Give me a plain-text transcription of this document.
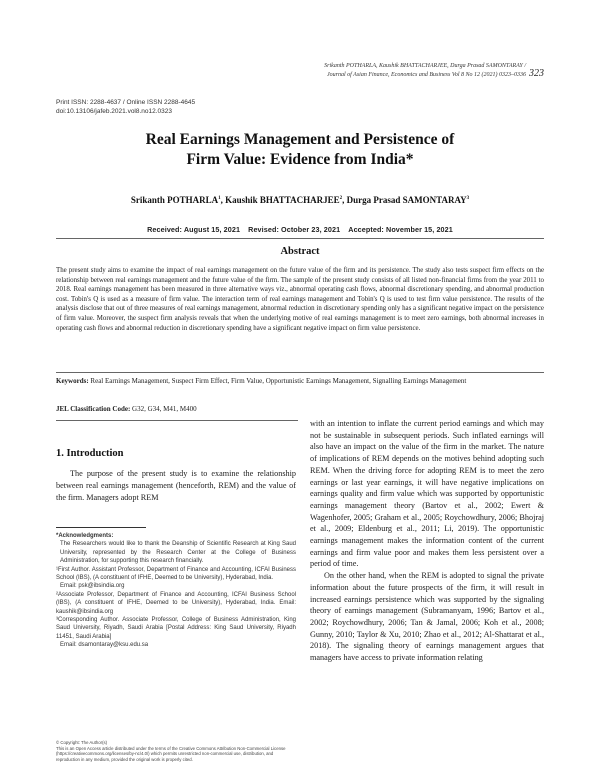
Srikanth POTHARLA, Kaushik BHATTACHARJEE, Durga Prasad SAMONTARAY /
Journal of Asian Finance, Economics and Business Vol 8 No 12 (2021) 0323–0336 323
Print ISSN: 2288-4637 / Online ISSN 2288-4645
doi:10.13106/jafeb.2021.vol8.no12.0323
Real Earnings Management and Persistence of
Firm Value: Evidence from India*
Srikanth POTHARLA$^1$, Kaushik BHATTACHARJEE$^2$, Durga Prasad SAMONTARAY$^3$
Received: August 15, 2021 Revised: October 23, 2021 Accepted: November 15, 2021
Abstract
The present study aims to examine the impact of real earnings management on the future value of the firm and its persistence. The study also tests suspect firm effects on the relationship between real earnings management and the future value of the firm. The sample of the present study consists of all listed non-financial firms from the year 2011 to 2018. Real earnings management has been measured in three alternative ways viz., abnormal operating cash flows, abnormal discretionary spending, and abnormal production cost. Tobin's Q is used as a measure of firm value. The interaction term of real earnings management and Tobin's Q is used to test firm value persistence. The results of the analysis disclose that out of three measures of real earnings management, abnormal reduction in discretionary spending only has a significant negative impact on the persistence of firm value. Moreover, the suspect firm analysis reveals that when the underlying motive of real earnings management is to meet zero earnings, both abnormal increases in operating cash flows and abnormal reduction in discretionary spending have a significant negative impact on firm value persistence.
Keywords: Real Earnings Management, Suspect Firm Effect, Firm Value, Opportunistic Earnings Management, Signalling Earnings Management
JEL Classification Code: G32, G34, M41, M400
1. Introduction

The purpose of the present study is to examine the relationship between real earnings management (henceforth, REM) and the value of the firm. Managers adopt REM

*Acknowledgments:

The Researchers would like to thank the Deanship of Scientific Research at King Saud University, represented by the Research Center at the College of Business Administration, for supporting this research financially.

¹First Author. Assistant Professor, Department of Finance and Accounting, ICFAI Business School (IBS), (A constituent of IFHE, Deemed to be University), Hyderabad, India.

Email: psk@ibsindia.org

²Associate Professor, Department of Finance and Accounting, ICFAI Business School (IBS), (A constituent of IFHE, Deemed to be University), Hyderabad, India. Email: kaushik@ibsindia.org

³Corresponding Author. Associate Professor, College of Business Administration, King Saud University, Riyadh, Saudi Arabia [Postal Address: King Saud University, Riyadh 11451, Saudi Arabia]

Email: dsamontaray@ksu.edu.sa

© Copyright: The Author(s)

This is an Open Access article distributed under the terms of the Creative Commons Attribution Non-Commercial License (https://creativecommons.org/licenses/by-nc/4.0/) which permits unrestricted non-commercial use, distribution, and reproduction in any medium, provided the original work is properly cited.

with an intention to inflate the current period earnings and which may not be sustainable in subsequent periods. Such inflated earnings will also have an impact on the value of the firm in the market. The nature of implications of REM depends on the motives behind adopting such REM. When the driving force for adopting REM is to meet the zero earnings or last year earnings, it will have negative implications on earnings quality and firm value which was supported by opportunistic earnings management theory (Bartov et al., 2002; Ewert & Wagenhofer, 2005; Graham et al., 2005; Roychowdhury, 2006; Bhojraj et al., 2009; Eldenburg et al., 2011; Li, 2019). The opportunistic earnings management makes the information content of the current earnings and firm value poor and makes them less persistent over a period of time.

On the other hand, when the REM is adopted to signal the private information about the future prospects of the firm, it will result in increased earnings persistence which was supported by the signaling theory of earnings management (Subramanyam, 1996; Bartov et al., 2002; Roychowdhury, 2006; Tan & Jamal, 2006; Koh et al., 2008; Gunny, 2010; Taylor & Xu, 2010; Zhao et al., 2012; Al-Shattarat et al., 2018). The signaling theory of earnings management argues that managers have access to private information relating
